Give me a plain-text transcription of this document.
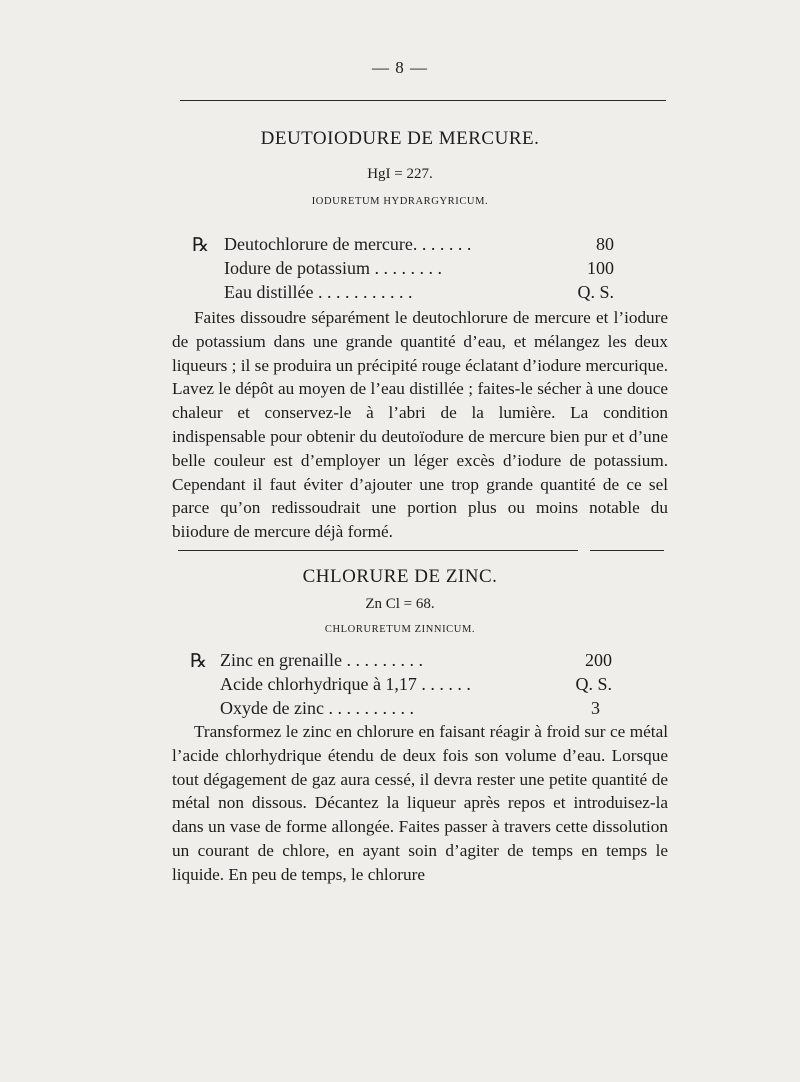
— 8 —
DEUTOIODURE DE MERCURE.
HgI = 227.
IODURETUM HYDRARGYRICUM.
℞ Deutochlorure de mercure. . . . . . .	80
Iodure de potassium . . . . . . . .	100
Eau distillée . . . . . . . . . . .	Q. S.
Faites dissoudre séparément le deutochlorure de mercure et l’iodure de potassium dans une grande quantité d’eau, et mélangez les deux liqueurs ; il se produira un précipité rouge éclatant d’iodure mercurique. Lavez le dépôt au moyen de l’eau distillée ; faites-le sécher à une douce chaleur et conservez-le à l’abri de la lumière. La condition indispensable pour obtenir du deutoïodure de mercure bien pur et d’une belle couleur est d’employer un léger excès d’iodure de potassium. Cependant il faut éviter d’ajouter une trop grande quantité de ce sel parce qu’on redissoudrait une portion plus ou moins notable du biiodure de mercure déjà formé.
CHLORURE DE ZINC.
Zn Cl = 68.
CHLORURETUM ZINNICUM.
℞ Zinc en grenaille . . . . . . . . .	200
Acide chlorhydrique à 1,17 . . . . . .	Q. S.
Oxyde de zinc . . . . . . . . . .	3
Transformez le zinc en chlorure en faisant réagir à froid sur ce métal l’acide chlorhydrique étendu de deux fois son volume d’eau. Lorsque tout dégagement de gaz aura cessé, il devra rester une petite quantité de métal non dissous. Décantez la liqueur après repos et introduisez-la dans un vase de forme allongée. Faites passer à travers cette dissolution un courant de chlore, en ayant soin d’agiter de temps en temps le liquide. En peu de temps, le chlorure
